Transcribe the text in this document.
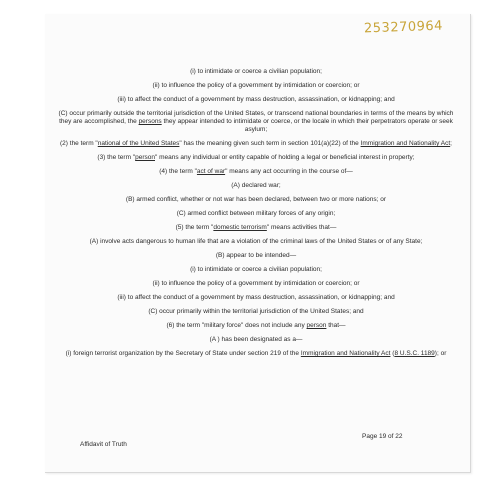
253270964

(i) to intimidate or coerce a civilian population;

(ii) to influence the policy of a government by intimidation or coercion; or

(iii) to affect the conduct of a government by mass destruction, assassination, or kidnapping; and

(C) occur primarily outside the territorial jurisdiction of the United States, or transcend national boundaries in terms of the means by which they are accomplished, the persons they appear intended to intimidate or coerce, or the locale in which their perpetrators operate or seek asylum;

(2) the term "national of the United States" has the meaning given such term in section 101(a)(22) of the Immigration and Nationality Act;

(3) the term "person" means any individual or entity capable of holding a legal or beneficial interest in property;

(4) the term "act of war" means any act occurring in the course of—

(A) declared war;

(B) armed conflict, whether or not war has been declared, between two or more nations; or

(C) armed conflict between military forces of any origin;

(5) the term "domestic terrorism" means activities that—

(A) involve acts dangerous to human life that are a violation of the criminal laws of the United States or of any State;

(B) appear to be intended—

(i) to intimidate or coerce a civilian population;

(ii) to influence the policy of a government by intimidation or coercion; or

(iii) to affect the conduct of a government by mass destruction, assassination, or kidnapping; and

(C) occur primarily within the territorial jurisdiction of the United States; and

(6) the term "military force" does not include any person that—

(A ) has been designated as a—

(i) foreign terrorist organization by the Secretary of State under section 219 of the Immigration and Nationality Act (8 U.S.C. 1189); or

Page 19 of 22
Affidavit of Truth
